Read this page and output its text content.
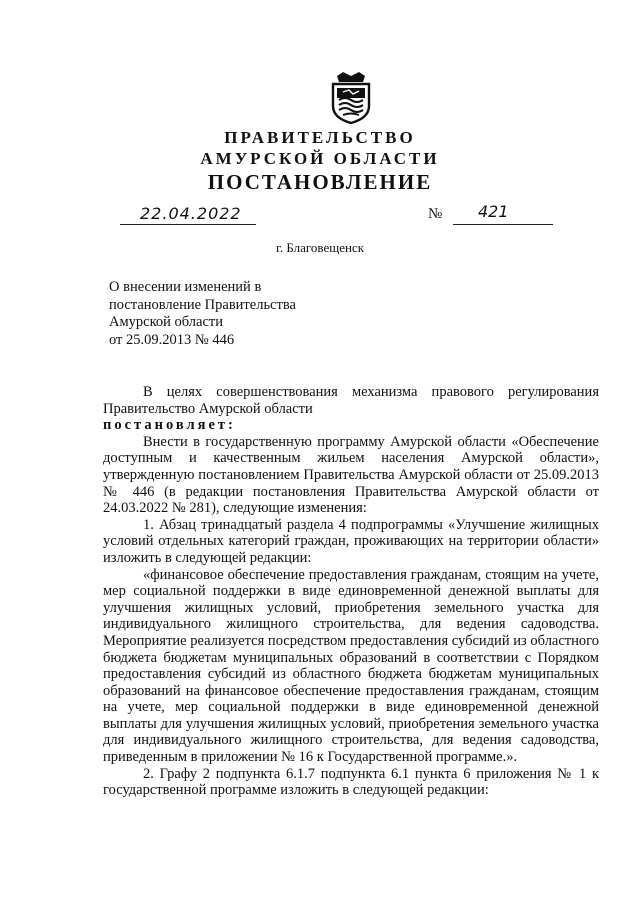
ПРАВИТЕЛЬСТВО
АМУРСКОЙ ОБЛАСТИ
ПОСТАНОВЛЕНИЕ
22.04.2022	№ 421
г. Благовещенск
О внесении изменений в
постановление Правительства
Амурской области
от 25.09.2013 № 446

В целях совершенствования механизма правового регулирования Правительство Амурской области

постановляет:

Внести в государственную программу Амурской области «Обеспечение доступным и качественным жильем населения Амурской области», утвержденную постановлением Правительства Амурской области от 25.09.2013 № 446 (в редакции постановления Правительства Амурской области от 24.03.2022 № 281), следующие изменения:

1. Абзац тринадцатый раздела 4 подпрограммы «Улучшение жилищных условий отдельных категорий граждан, проживающих на территории области» изложить в следующей редакции:

«финансовое обеспечение предоставления гражданам, стоящим на учете, мер социальной поддержки в виде единовременной денежной выплаты для улучшения жилищных условий, приобретения земельного участка для индивидуального жилищного строительства, для ведения садоводства. Мероприятие реализуется посредством предоставления субсидий из областного бюджета бюджетам муниципальных образований в соответствии с Порядком предоставления субсидий из областного бюджета бюджетам муниципальных образований на финансовое обеспечение предоставления гражданам, стоящим на учете, мер социальной поддержки в виде единовременной денежной выплаты для улучшения жилищных условий, приобретения земельного участка для индивидуального жилищного строительства, для ведения садоводства, приведенным в приложении № 16 к Государственной программе.».

2. Графу 2 подпункта 6.1.7 подпункта 6.1 пункта 6 приложения № 1 к государственной программе изложить в следующей редакции:
